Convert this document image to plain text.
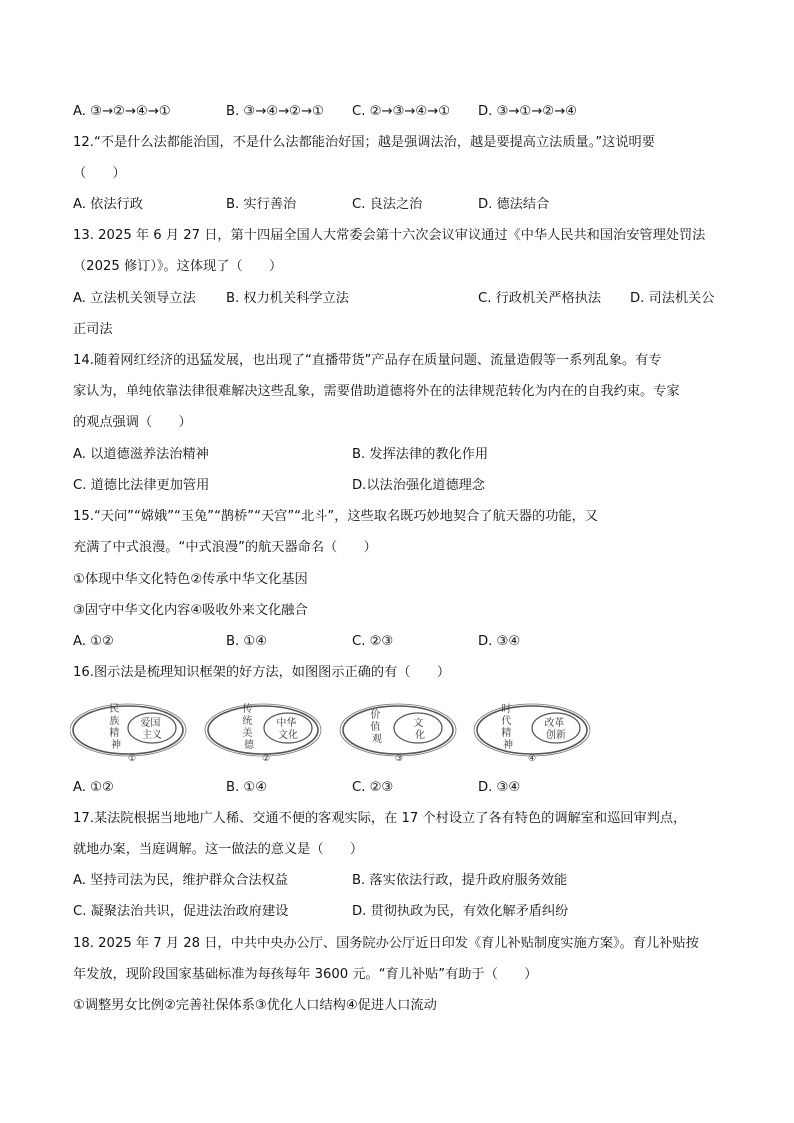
A. ③→②→④→①	B. ③→④→②→① C. ②→③→④→① D. ③→①→②→④
12.“不是什么法都能治国，不是什么法都能治好国；越是强调法治，越是要提高立法质量。”这说明要
（　　）
A. 依法行政	B. 实行善治	C. 良法之治	D. 德法结合
13. 2025 年 6 月 27 日，第十四届全国人大常委会第十六次会议审议通过《中华人民共和国治安管理处罚法
（2025 修订）》。这体现了（　　）
A. 立法机关领导立法 B. 权力机关科学立法	C. 行政机关严格执法 D. 司法机关公
正司法
14.随着网红经济的迅猛发展，也出现了“直播带货”产品存在质量问题、流量造假等一系列乱象。有专
家认为，单纯依靠法律很难解决这些乱象，需要借助道德将外在的法律规范转化为内在的自我约束。专家
的观点强调（　　）
A. 以道德滋养法治精神	B. 发挥法律的教化作用
C. 道德比法律更加管用	D.以法治强化道德理念
15.“天问”“嫦娥”“玉兔”“鹊桥”“天宫”“北斗”，这些取名既巧妙地契合了航天器的功能，又
充满了中式浪漫。“中式浪漫”的航天器命名（　　）
①体现中华文化特色②传承中华文化基因
③固守中华文化内容④吸收外来文化融合
A. ①②	B. ①④	C. ②③	D. ③④
16.图示法是梳理知识框架的好方法，如图图示正确的有（　　）
民 族 精 神
爱国 主义
①
传 统 美 德
中华 文化
②
价 值 观
文 化
③
时 代 精 神
改革 创新
④
A. ①②	B. ①④	C. ②③	D. ③④
17.某法院根据当地地广人稀、交通不便的客观实际，在 17 个村设立了各有特色的调解室和巡回审判点，
就地办案，当庭调解。这一做法的意义是（　　）
A. 坚持司法为民，维护群众合法权益	B. 落实依法行政，提升政府服务效能
C. 凝聚法治共识，促进法治政府建设	D. 贯彻执政为民，有效化解矛盾纠纷
18. 2025 年 7 月 28 日，中共中央办公厅、国务院办公厅近日印发《育儿补贴制度实施方案》。育儿补贴按
年发放，现阶段国家基础标准为每孩每年 3600 元。“育儿补贴”有助于（　　）
①调整男女比例②完善社保体系③优化人口结构④促进人口流动
